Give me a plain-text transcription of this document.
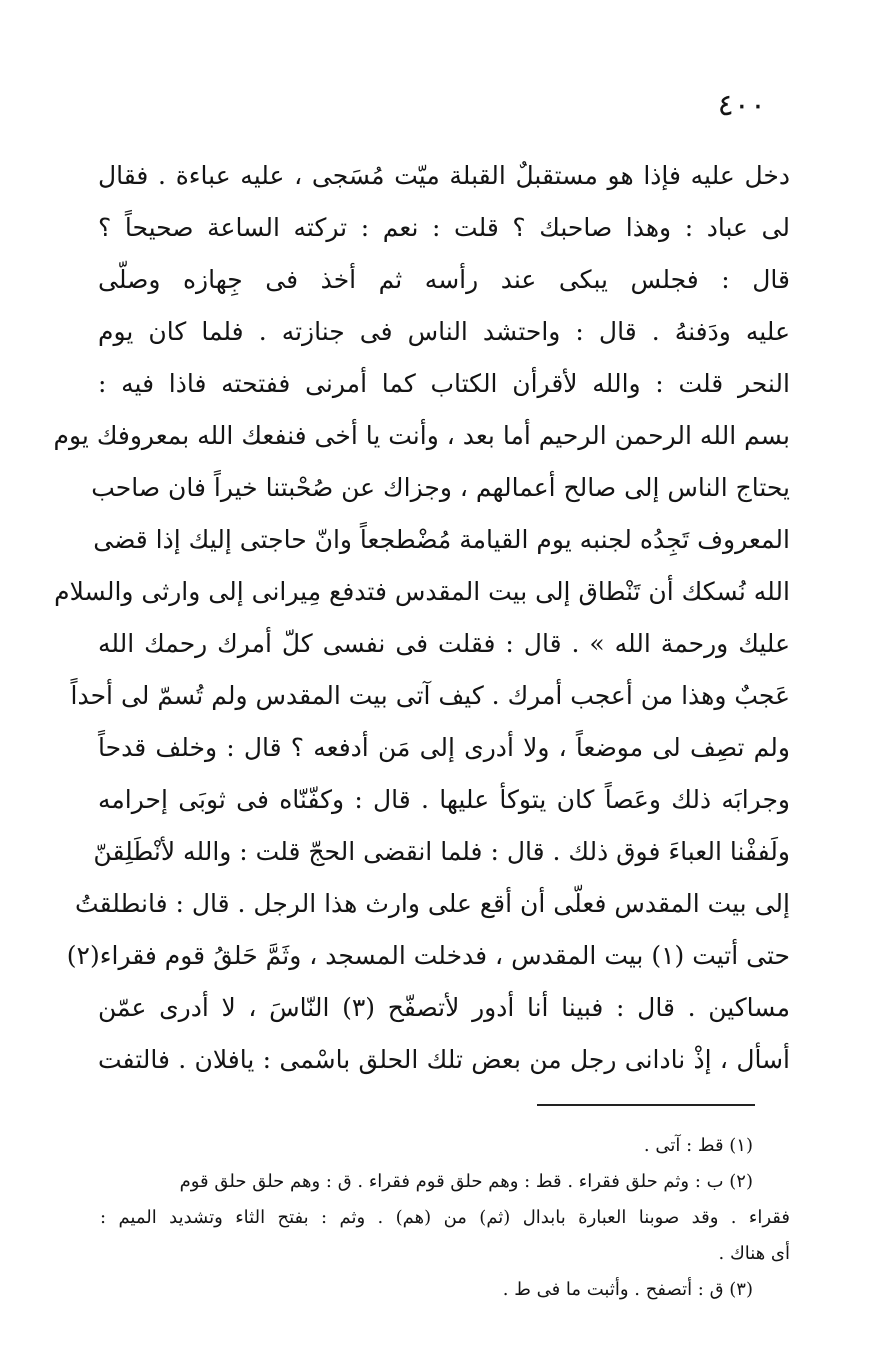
٤٠٠
دخل عليه فإذا هو مستقبلٌ القبلة ميّت مُسَجى ، عليه عباءة . فقال
لى عباد : وهذا صاحبك ؟ قلت : نعم : تركته الساعة صحيحاً ؟
قال : فجلس يبكى عند رأسه ثم أخذ فى جِهازه وصلّى
عليه ودَفنهُ . قال : واحتشد الناس فى جنازته . فلما كان يوم
النحر قلت : والله لأقرأن الكتاب كما أمرنى ففتحته فاذا فيه :
بسم الله الرحمن الرحيم أما بعد ، وأنت يا أخى فنفعك الله بمعروفك يوم
يحتاج الناس إلى صالح أعمالهم ، وجزاك عن صُحْبتنا خيراً فان صاحب
المعروف تَجِدُه لجنبه يوم القيامة مُضْطجعاً وانّ حاجتى إليك إذا قضى
الله نُسكك أن تَنْطاق إلى بيت المقدس فتدفع مِيرانى إلى وارثى والسلام
عليك ورحمة الله » . قال : فقلت فى نفسى كلّ أمرك رحمك الله
عَجبٌ وهذا من أعجب أمرك . كيف آتى بيت المقدس ولم تُسمّ لى أحداً
ولم تصِف لى موضعاً ، ولا أدرى إلى مَن أدفعه ؟ قال : وخلف قدحاً
وجرابَه ذلك وعَصاً كان يتوكأ عليها . قال : وكفّنّاه فى ثوبَى إحرامه
ولَففْنا العباءَ فوق ذلك . قال : فلما انقضى الحجّ قلت : والله لأنْطَلِقنّ
إلى بيت المقدس فعلّى أن أقع على وارث هذا الرجل . قال : فانطلقتُ
حتى أتيت (١) بيت المقدس ، فدخلت المسجد ، وثَمَّ حَلقُ قوم فقراء(٢)
مساكين . قال : فبينا أنا أدور لأتصفّح (٣) النّاسَ ، لا أدرى عمّن
أسأل ، إذْ نادانى رجل من بعض تلك الحلق باسْمى : يافلان . فالتفت
(١) قط : آتى .
(٢) ب : وثم حلق فقراء . قط : وهم حلق قوم فقراء . ق : وهم حلق حلق قوم
فقراء . وقد صوبنا العبارة بابدال (ثم) من (هم) . وثم : بفتح الثاء وتشديد الميم :
أى هناك .
(٣) ق : أتصفح . وأثبت ما فى ط .
